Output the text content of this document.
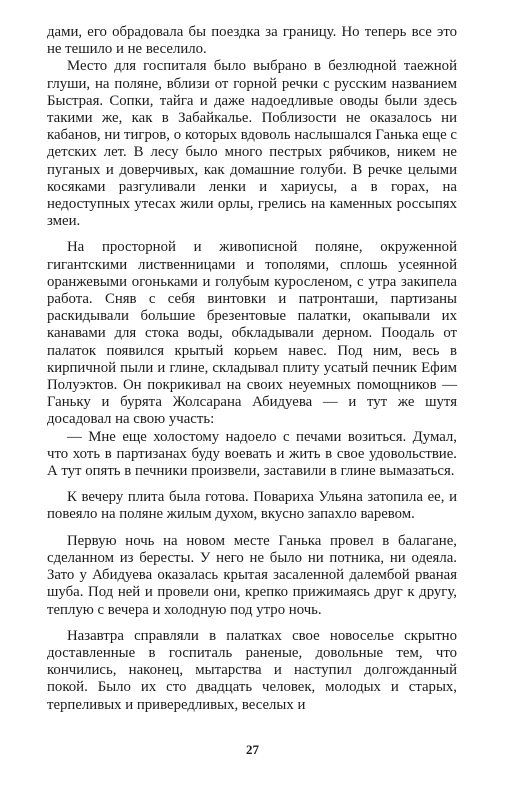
дами, его обрадовала бы поездка за границу. Но теперь все это не тешило и не веселило.

Место для госпиталя было выбрано в безлюдной таежной глуши, на поляне, вблизи от горной речки с русским названием Быстрая. Сопки, тайга и даже надоедливые оводы были здесь такими же, как в Забайкалье. Поблизости не оказалось ни кабанов, ни тигров, о которых вдоволь наслышался Ганька еще с детских лет. В лесу было много пестрых рябчиков, никем не пуганых и доверчивых, как домашние голуби. В речке целыми косяками разгуливали ленки и хариусы, а в горах, на недоступных утесах жили орлы, грелись на каменных россыпях змеи.

На просторной и живописной поляне, окруженной гигантскими лиственницами и тополями, сплошь усеянной оранжевыми огоньками и голубым куросленом, с утра закипела работа. Сняв с себя винтовки и патронташи, партизаны раскидывали большие брезентовые палатки, окапывали их канавами для стока воды, обкладывали дерном. Поодаль от палаток появился крытый корьем навес. Под ним, весь в кирпичной пыли и глине, складывал плиту усатый печник Ефим Полуэктов. Он покрикивал на своих неуемных помощников — Ганьку и бурята Жолсарана Абидуева — и тут же шутя досадовал на свою участь:

— Мне еще холостому надоело с печами возиться. Думал, что хоть в партизанах буду воевать и жить в свое удовольствие. А тут опять в печники произвели, заставили в глине вымазаться.

К вечеру плита была готова. Повариха Ульяна затопила ее, и повеяло на поляне жилым духом, вкусно запахло варевом.

Первую ночь на новом месте Ганька провел в балагане, сделанном из бересты. У него не было ни потника, ни одеяла. Зато у Абидуева оказалась крытая засаленной далембой рваная шуба. Под ней и провели они, крепко прижимаясь друг к другу, теплую с вечера и холодную под утро ночь.

Назавтра справляли в палатках свое новоселье скрытно доставленные в госпиталь раненые, довольные тем, что кончились, наконец, мытарства и наступил долгожданный покой. Было их сто двадцать человек, молодых и старых, терпеливых и привередливых, веселых и

27
